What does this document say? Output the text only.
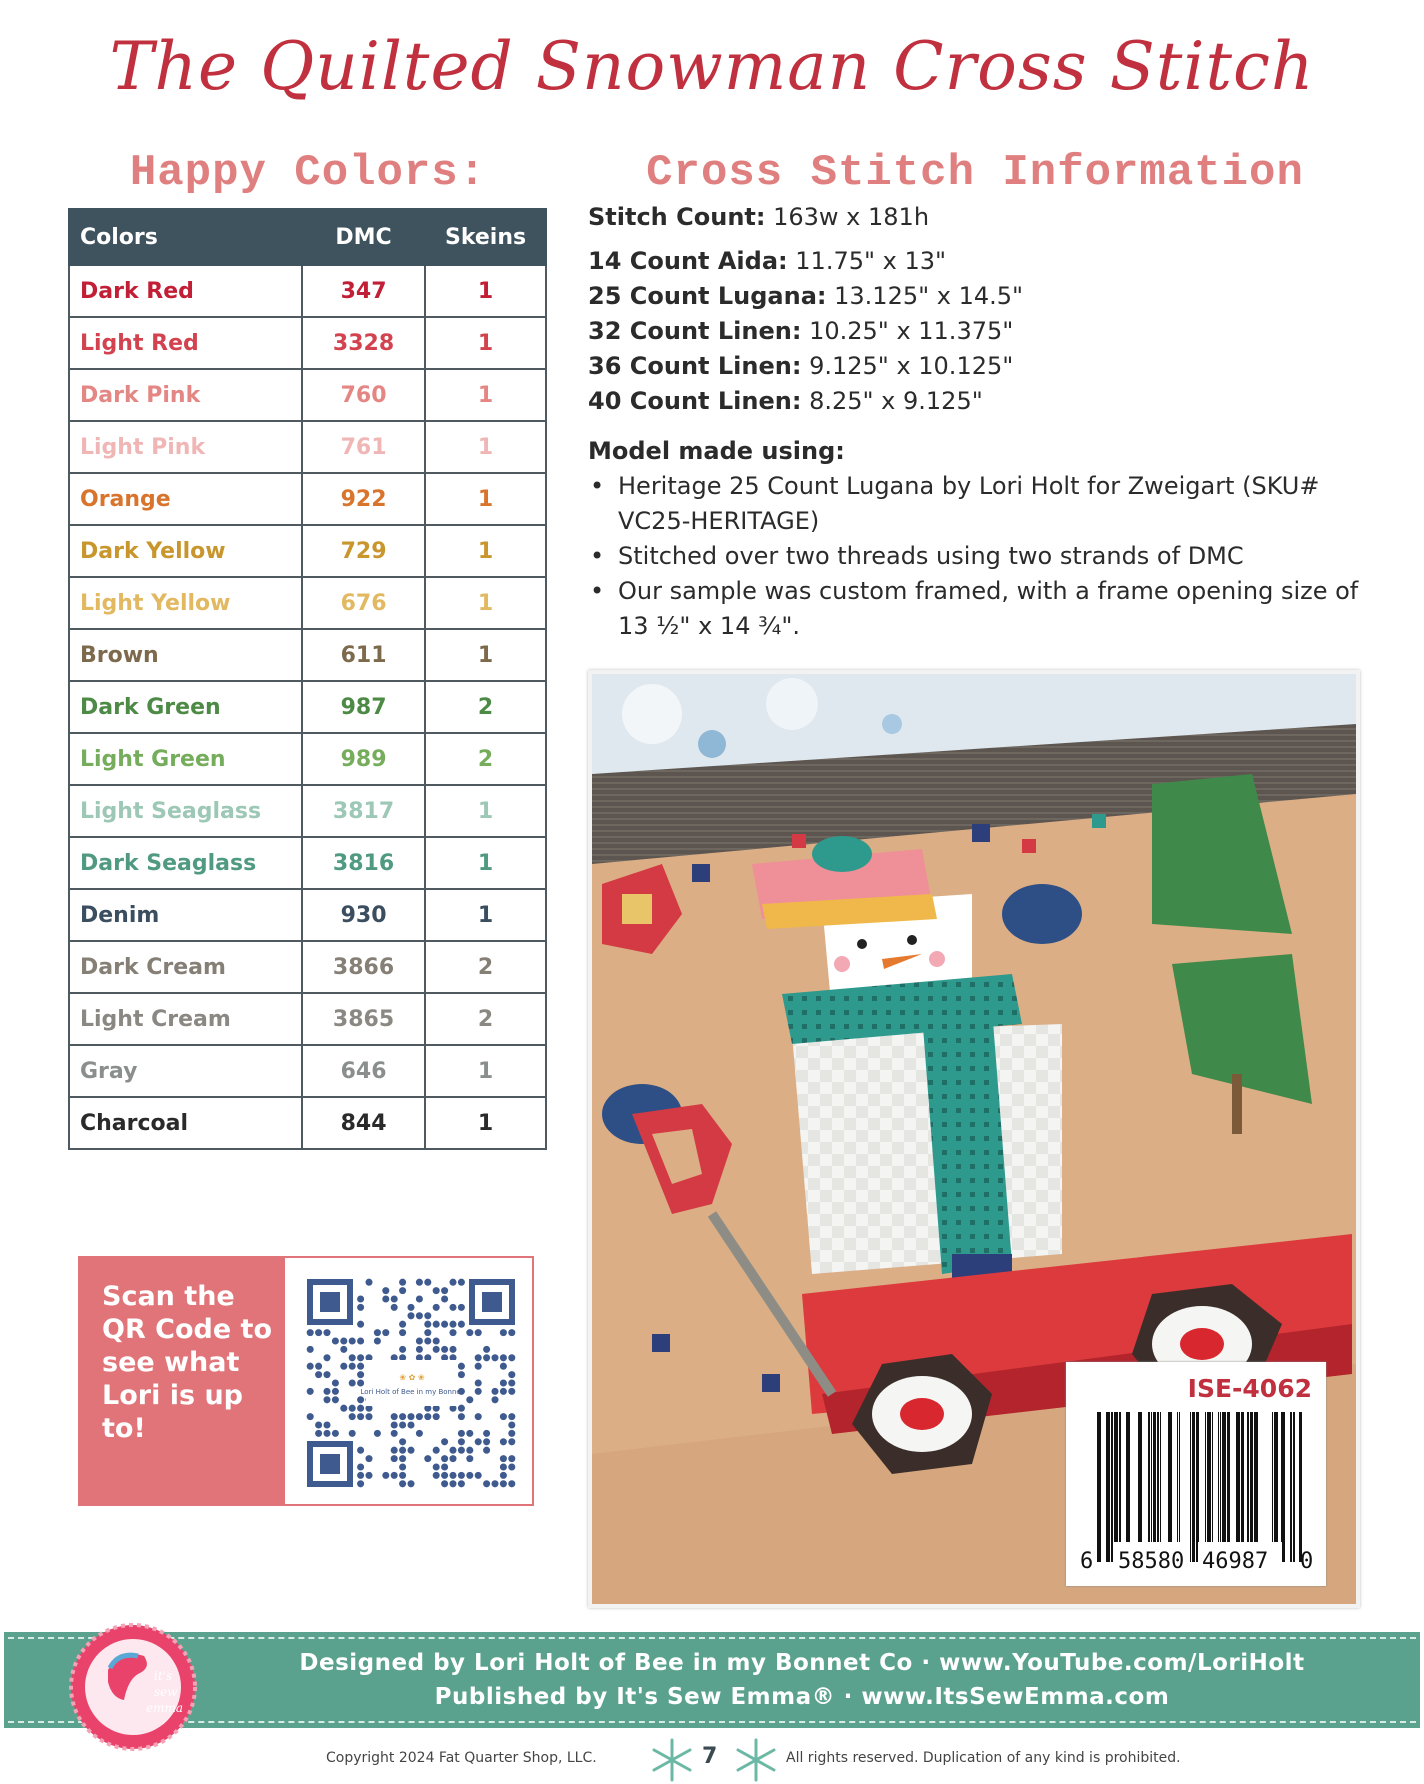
The Quilted Snowman Cross Stitch
Happy Colors:	Cross Stitch Information
Colors	DMC	Skeins
Dark Red	347	1
Light Red	3328	1
Dark Pink	760	1
Light Pink	761	1
Orange	922	1
Dark Yellow	729	1
Light Yellow	676	1
Brown	611	1
Dark Green	987	2
Light Green	989	2
Light Seaglass	3817	1
Dark Seaglass	3816	1
Denim	930	1
Dark Cream	3866	2
Light Cream	3865	2
Gray	646	1
Charcoal	844	1
Stitch Count: 163w x 181h
14 Count Aida: 11.75" x 13"
25 Count Lugana: 13.125" x 14.5"
32 Count Linen: 10.25" x 11.375"
36 Count Linen: 9.125" x 10.125"
40 Count Linen: 8.25" x 9.125"
Model made using:
• Heritage 25 Count Lugana by Lori Holt for Zweigart (SKU# VC25-HERITAGE)
• Stitched over two threads using two strands of DMC
• Our sample was custom framed, with a frame opening size of 13 ½" x 14 ¾".
Scan the QR Code to see what Lori is up to!
❀ ✿ ❀
Lori Holt of Bee in my Bonnet	ISE-4062
6 58580 46987 0
Designed by Lori Holt of Bee in my Bonnet Co · www.YouTube.com/LoriHolt
Published by It's Sew Emma® · www.ItsSewEmma.com
it's
sew
emma
Copyright 2024 Fat Quarter Shop, LLC.	7	All rights reserved. Duplication of any kind is prohibited.
